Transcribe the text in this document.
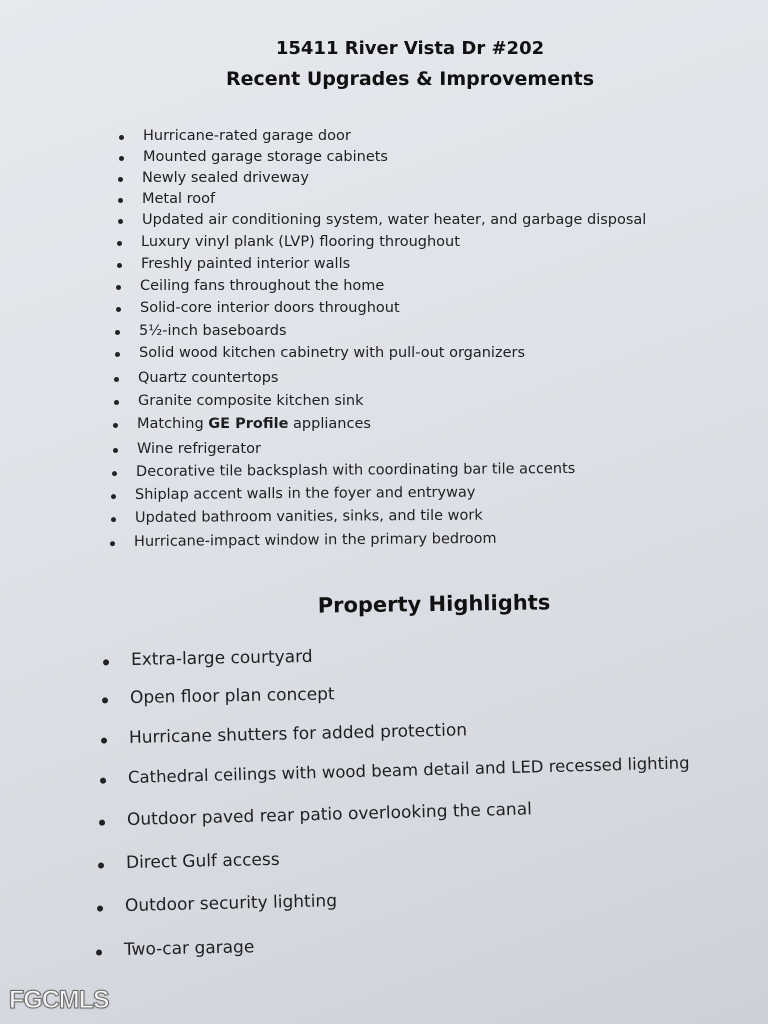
15411 River Vista Dr #202
Recent Upgrades & Improvements
Hurricane-rated garage door
Mounted garage storage cabinets
Newly sealed driveway
Metal roof
Updated air conditioning system, water heater, and garbage disposal
Luxury vinyl plank (LVP) flooring throughout
Freshly painted interior walls
Ceiling fans throughout the home
Solid-core interior doors throughout
5½-inch baseboards
Solid wood kitchen cabinetry with pull-out organizers
Quartz countertops
Granite composite kitchen sink
Matching GE Profile appliances
Wine refrigerator
Decorative tile backsplash with coordinating bar tile accents
Shiplap accent walls in the foyer and entryway
Updated bathroom vanities, sinks, and tile work
Hurricane-impact window in the primary bedroom
Property Highlights
Extra-large courtyard
Open floor plan concept
Hurricane shutters for added protection
Cathedral ceilings with wood beam detail and LED recessed lighting
Outdoor paved rear patio overlooking the canal
Direct Gulf access
Outdoor security lighting
Two-car garage
FGCMLS
